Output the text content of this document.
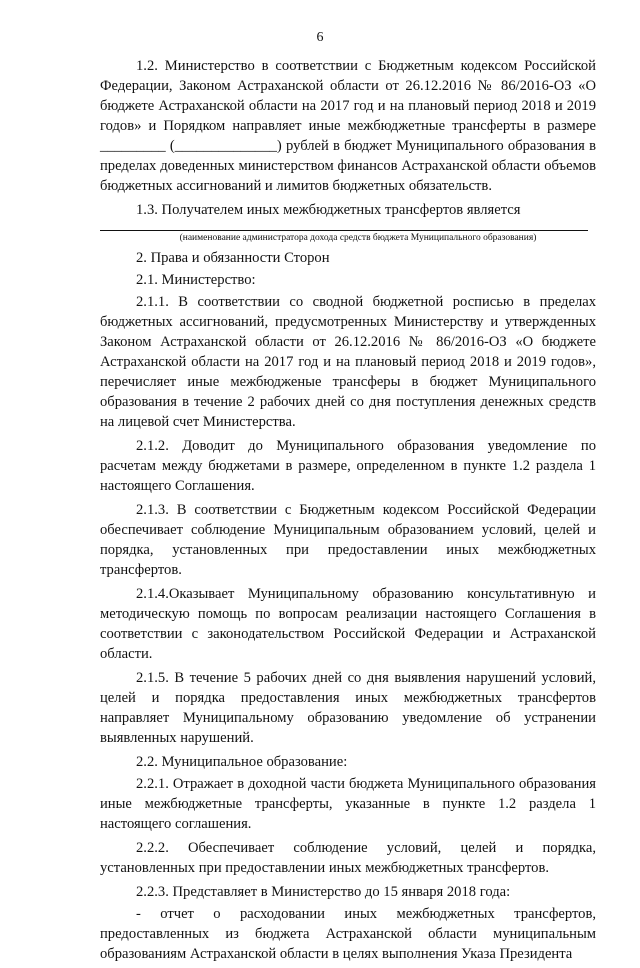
6

1.2. Министерство в соответствии с Бюджетным кодексом Российской Федерации, Законом Астраханской области от 26.12.2016 № 86/2016-ОЗ «О бюджете Астраханской области на 2017 год и на плановый период 2018 и 2019 годов» и Порядком направляет иные межбюджетные трансферты в размере _________ (______________) рублей в бюджет Муниципального образования в пределах доведенных министерством финансов Астраханской области объемов бюджетных ассигнований и лимитов бюджетных обязательств.

1.3. Получателем иных межбюджетных трансфертов является

(наименование администратора дохода средств бюджета Муниципального образования)

2. Права и обязанности Сторон

2.1. Министерство:

2.1.1. В соответствии со сводной бюджетной росписью в пределах бюджетных ассигнований, предусмотренных Министерству и утвержденных Законом Астраханской области от 26.12.2016 № 86/2016-ОЗ «О бюджете Астраханской области на 2017 год и на плановый период 2018 и 2019 годов», перечисляет иные межбюдженые трансферы в бюджет Муниципального образования в течение 2 рабочих дней со дня поступления денежных средств на лицевой счет Министерства.

2.1.2. Доводит до Муниципального образования уведомление по расчетам между бюджетами в размере, определенном в пункте 1.2 раздела 1 настоящего Соглашения.

2.1.3. В соответствии с Бюджетным кодексом Российской Федерации обеспечивает соблюдение Муниципальным образованием условий, целей и порядка, установленных при предоставлении иных межбюджетных трансфертов.

2.1.4.Оказывает Муниципальному образованию консультативную и методическую помощь по вопросам реализации настоящего Соглашения в соответствии с законодательством Российской Федерации и Астраханской области.

2.1.5. В течение 5 рабочих дней со дня выявления нарушений условий, целей и порядка предоставления иных межбюджетных трансфертов направляет Муниципальному образованию уведомление об устранении выявленных нарушений.

2.2. Муниципальное образование:

2.2.1. Отражает в доходной части бюджета Муниципального образования иные межбюджетные трансферты, указанные в пункте 1.2 раздела 1 настоящего соглашения.

2.2.2. Обеспечивает соблюдение условий, целей и порядка, установленных при предоставлении иных межбюджетных трансфертов.

2.2.3. Представляет в Министерство до 15 января 2018 года:

- отчет о расходовании иных межбюджетных трансфертов, предоставленных из бюджета Астраханской области муниципальным образованиям Астраханской области в целях выполнения Указа Президента
